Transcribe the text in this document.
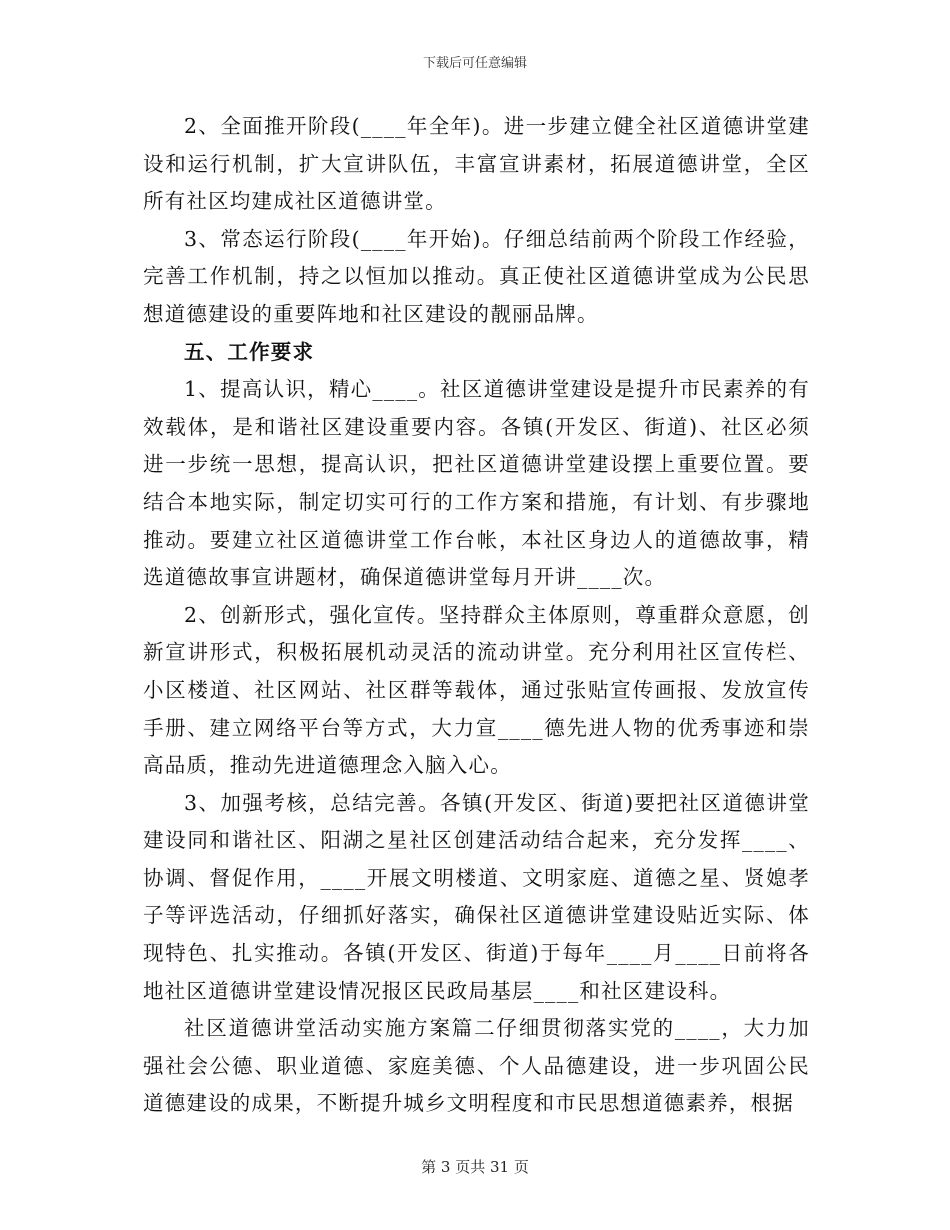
下载后可任意编辑

2、全面推开阶段(____年全年)。进一步建立健全社区道德讲堂建设和运行机制，扩大宣讲队伍，丰富宣讲素材，拓展道德讲堂，全区所有社区均建成社区道德讲堂。

3、常态运行阶段(____年开始)。仔细总结前两个阶段工作经验，完善工作机制，持之以恒加以推动。真正使社区道德讲堂成为公民思想道德建设的重要阵地和社区建设的靓丽品牌。

五、工作要求

1、提高认识，精心____。社区道德讲堂建设是提升市民素养的有效载体，是和谐社区建设重要内容。各镇(开发区、街道)、社区必须进一步统一思想，提高认识，把社区道德讲堂建设摆上重要位置。要结合本地实际，制定切实可行的工作方案和措施，有计划、有步骤地推动。要建立社区道德讲堂工作台帐，本社区身边人的道德故事，精选道德故事宣讲题材，确保道德讲堂每月开讲____次。

2、创新形式，强化宣传。坚持群众主体原则，尊重群众意愿，创新宣讲形式，积极拓展机动灵活的流动讲堂。充分利用社区宣传栏、小区楼道、社区网站、社区群等载体，通过张贴宣传画报、发放宣传手册、建立网络平台等方式，大力宣____德先进人物的优秀事迹和崇高品质，推动先进道德理念入脑入心。

3、加强考核，总结完善。各镇(开发区、街道)要把社区道德讲堂建设同和谐社区、阳湖之星社区创建活动结合起来，充分发挥____、协调、督促作用，____开展文明楼道、文明家庭、道德之星、贤媳孝子等评选活动，仔细抓好落实，确保社区道德讲堂建设贴近实际、体现特色、扎实推动。各镇(开发区、街道)于每年____月____日前将各地社区道德讲堂建设情况报区民政局基层____和社区建设科。

社区道德讲堂活动实施方案篇二仔细贯彻落实党的____，大力加强社会公德、职业道德、家庭美德、个人品德建设，进一步巩固公民道德建设的成果，不断提升城乡文明程度和市民思想道德素养，根据

第 3 页共 31 页
